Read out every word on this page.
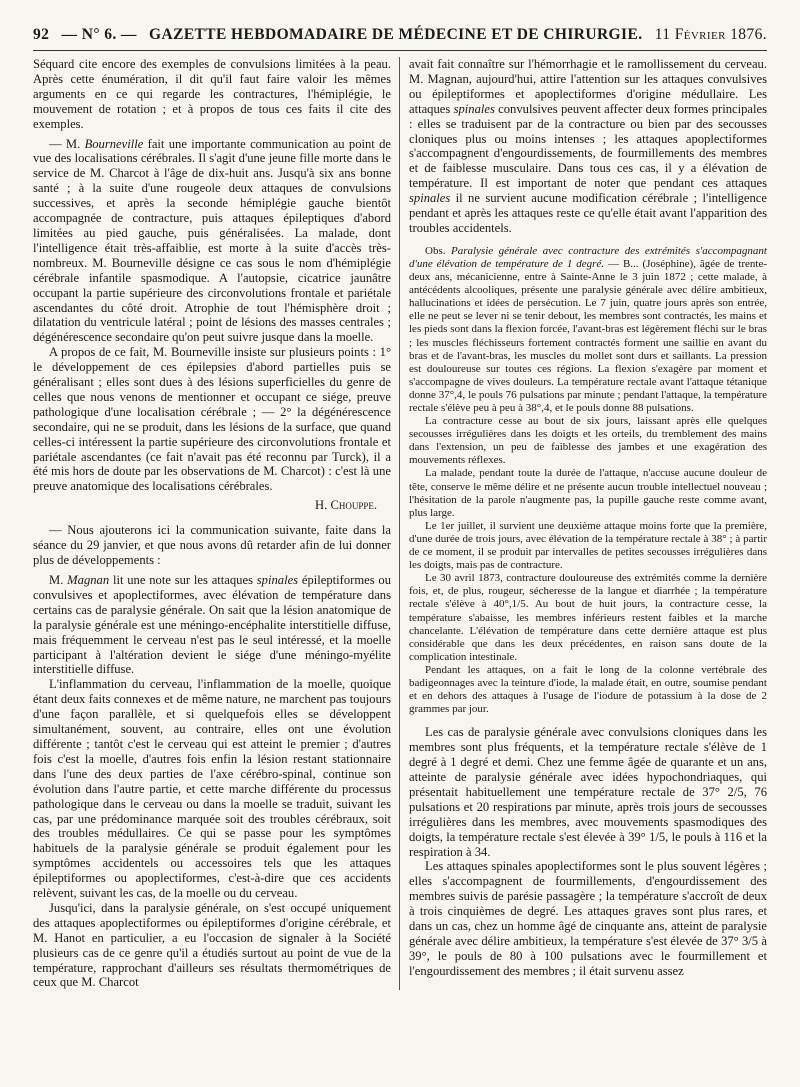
92 — N° 6. — GAZETTE HEBDOMADAIRE DE MÉDECINE ET DE CHIRURGIE. 11 Février 1876.

Séquard cite encore des exemples de convulsions limitées à la peau. Après cette énumération, il dit qu'il faut faire valoir les mêmes arguments en ce qui regarde les contractures, l'hémiplégie, le mouvement de rotation ; et à propos de tous ces faits il cite des exemples.

— M. Bourneville fait une importante communication au point de vue des localisations cérébrales. Il s'agit d'une jeune fille morte dans le service de M. Charcot à l'âge de dix-huit ans. Jusqu'à six ans bonne santé ; à la suite d'une rougeole deux attaques de convulsions successives, et après la seconde hémiplégie gauche bientôt accompagnée de contracture, puis attaques épileptiques d'abord limitées au pied gauche, puis généralisées. La malade, dont l'intelligence était très-affaiblie, est morte à la suite d'accès très-nombreux. M. Bourneville désigne ce cas sous le nom d'hémiplégie cérébrale infantile spasmodique. A l'autopsie, cicatrice jaunâtre occupant la partie supérieure des circonvolutions frontale et pariétale ascendantes du côté droit. Atrophie de tout l'hémisphère droit ; dilatation du ventricule latéral ; point de lésions des masses centrales ; dégénérescence secondaire qu'on peut suivre jusque dans la moelle.

A propos de ce fait, M. Bourneville insiste sur plusieurs points : 1° le développement de ces épilepsies d'abord partielles puis se généralisant ; elles sont dues à des lésions superficielles du genre de celles que nous venons de mentionner et occupant ce siége, preuve pathologique d'une localisation cérébrale ; — 2° la dégénérescence secondaire, qui ne se produit, dans les lésions de la surface, que quand celles-ci intéressent la partie supérieure des circonvolutions frontale et pariétale ascendantes (ce fait n'avait pas été reconnu par Turck), il a été mis hors de doute par les observations de M. Charcot) : c'est là une preuve anatomique des localisations cérébrales.

H. Chouppe.

— Nous ajouterons ici la communication suivante, faite dans la séance du 29 janvier, et que nous avons dû retarder afin de lui donner plus de développements :

M. Magnan lit une note sur les attaques spinales épileptiformes ou convulsives et apoplectiformes, avec élévation de température dans certains cas de paralysie générale. On sait que la lésion anatomique de la paralysie générale est une méningo-encéphalite interstitielle diffuse, mais fréquemment le cerveau n'est pas le seul intéressé, et la moelle participant à l'altération devient le siége d'une méningo-myélite interstitielle diffuse.

L'inflammation du cerveau, l'inflammation de la moelle, quoique étant deux faits connexes et de même nature, ne marchent pas toujours d'une façon parallèle, et si quelquefois elles se développent simultanément, souvent, au contraire, elles ont une évolution différente ; tantôt c'est le cerveau qui est atteint le premier ; d'autres fois c'est la moelle, d'autres fois enfin la lésion restant stationnaire dans l'une des deux parties de l'axe cérébro-spinal, continue son évolution dans l'autre partie, et cette marche différente du processus pathologique dans le cerveau ou dans la moelle se traduit, suivant les cas, par une prédominance marquée soit des troubles cérébraux, soit des troubles médullaires. Ce qui se passe pour les symptômes habituels de la paralysie générale se produit également pour les symptômes accidentels ou accessoires tels que les attaques épileptiformes ou apoplectiformes, c'est-à-dire que ces accidents relèvent, suivant les cas, de la moelle ou du cerveau.

Jusqu'ici, dans la paralysie générale, on s'est occupé uniquement des attaques apoplectiformes ou épileptiformes d'origine cérébrale, et M. Hanot en particulier, a eu l'occasion de signaler à la Société plusieurs cas de ce genre qu'il a étudiés surtout au point de vue de la température, rapprochant d'ailleurs ses résultats thermométriques de ceux que M. Charcot

avait fait connaître sur l'hémorrhagie et le ramollissement du cerveau. M. Magnan, aujourd'hui, attire l'attention sur les attaques convulsives ou épileptiformes et apoplectiformes d'origine médullaire. Les attaques spinales convulsives peuvent affecter deux formes principales : elles se traduisent par de la contracture ou bien par des secousses cloniques plus ou moins intenses ; les attaques apoplectiformes s'accompagnent d'engourdissements, de fourmillements des membres et de faiblesse musculaire. Dans tous ces cas, il y a élévation de température. Il est important de noter que pendant ces attaques spinales il ne survient aucune modification cérébrale ; l'intelligence pendant et après les attaques reste ce qu'elle était avant l'apparition des troubles accidentels.

Obs. Paralysie générale avec contracture des extrémités s'accompagnant d'une élévation de température de 1 degré. — B... (Joséphine), âgée de trente-deux ans, mécanicienne, entre à Sainte-Anne le 3 juin 1872 ; cette malade, à antécédents alcooliques, présente une paralysie générale avec délire ambitieux, hallucinations et idées de persécution. Le 7 juin, quatre jours après son entrée, elle ne peut se lever ni se tenir debout, les membres sont contractés, les mains et les pieds sont dans la flexion forcée, l'avant-bras est légèrement fléchi sur le bras ; les muscles fléchisseurs fortement contractés forment une saillie en avant du bras et de l'avant-bras, les muscles du mollet sont durs et saillants. La pression est douloureuse sur toutes ces régions. La flexion s'exagère par moment et s'accompagne de vives douleurs. La température rectale avant l'attaque tétanique donne 37°,4, le pouls 76 pulsations par minute ; pendant l'attaque, la température rectale s'élève peu à peu à 38°,4, et le pouls donne 88 pulsations.

La contracture cesse au bout de six jours, laissant après elle quelques secousses irrégulières dans les doigts et les orteils, du tremblement des mains dans l'extension, un peu de faiblesse des jambes et une exagération des mouvements réflexes.

La malade, pendant toute la durée de l'attaque, n'accuse aucune douleur de tête, conserve le même délire et ne présente aucun trouble intellectuel nouveau ; l'hésitation de la parole n'augmente pas, la pupille gauche reste comme avant, plus large.

Le 1er juillet, il survient une deuxième attaque moins forte que la première, d'une durée de trois jours, avec élévation de la température rectale à 38° ; à partir de ce moment, il se produit par intervalles de petites secousses irrégulières dans les doigts, mais pas de contracture.

Le 30 avril 1873, contracture douloureuse des extrémités comme la dernière fois, et, de plus, rougeur, sécheresse de la langue et diarrhée ; la température rectale s'élève à 40°,1/5. Au bout de huit jours, la contracture cesse, la température s'abaisse, les membres inférieurs restent faibles et la marche chancelante. L'élévation de température dans cette dernière attaque est plus considérable que dans les deux précédentes, en raison sans doute de la complication intestinale.

Pendant les attaques, on a fait le long de la colonne vertébrale des badigeonnages avec la teinture d'iode, la malade était, en outre, soumise pendant et en dehors des attaques à l'usage de l'iodure de potassium à la dose de 2 grammes par jour.

Les cas de paralysie générale avec convulsions cloniques dans les membres sont plus fréquents, et la température rectale s'élève de 1 degré à 1 degré et demi. Chez une femme âgée de quarante et un ans, atteinte de paralysie générale avec idées hypochondriaques, qui présentait habituellement une température rectale de 37° 2/5, 76 pulsations et 20 respirations par minute, après trois jours de secousses irrégulières dans les membres, avec mouvements spasmodiques des doigts, la température rectale s'est élevée à 39° 1/5, le pouls à 116 et la respiration à 34.

Les attaques spinales apoplectiformes sont le plus souvent légères ; elles s'accompagnent de fourmillements, d'engourdissement des membres suivis de parésie passagère ; la température s'accroît de deux à trois cinquièmes de degré. Les attaques graves sont plus rares, et dans un cas, chez un homme âgé de cinquante ans, atteint de paralysie générale avec délire ambitieux, la température s'est élevée de 37° 3/5 à 39°, le pouls de 80 à 100 pulsations avec le fourmillement et l'engourdissement des membres ; il était survenu assez
